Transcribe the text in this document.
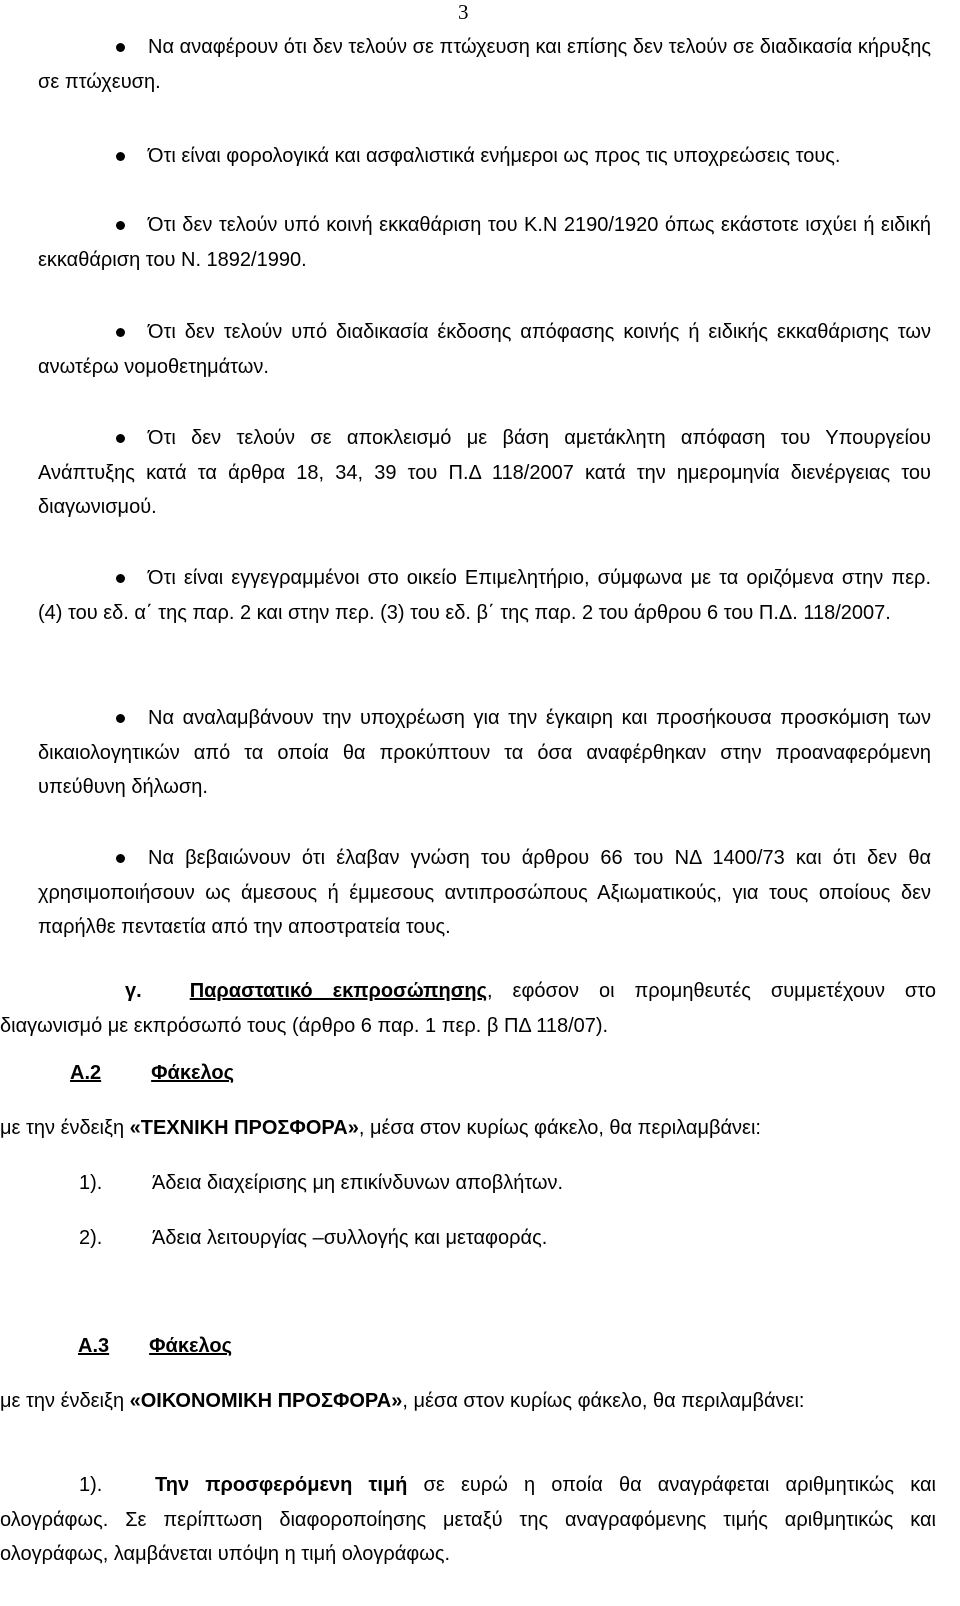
3
Να αναφέρουν ότι δεν τελούν σε πτώχευση και επίσης δεν τελούν σε διαδικασία κήρυξης σε πτώχευση.
Ότι είναι φορολογικά και ασφαλιστικά ενήμεροι ως προς τις υποχρεώσεις τους.
Ότι δεν τελούν υπό κοινή εκκαθάριση του Κ.Ν 2190/1920 όπως εκάστοτε ισχύει ή ειδική εκκαθάριση του Ν. 1892/1990.
Ότι δεν τελούν υπό διαδικασία έκδοσης απόφασης κοινής ή ειδικής εκκαθάρισης των ανωτέρω νομοθετημάτων.
Ότι δεν τελούν σε αποκλεισμό με βάση αμετάκλητη απόφαση του Υπουργείου Ανάπτυξης κατά τα άρθρα 18, 34, 39 του Π.Δ 118/2007 κατά την ημερομηνία διενέργειας του διαγωνισμού.
Ότι είναι εγγεγραμμένοι στο οικείο Επιμελητήριο, σύμφωνα με τα οριζόμενα στην περ. (4) του εδ. α΄ της παρ. 2 και στην περ. (3) του εδ. β΄ της παρ. 2 του άρθρου 6 του Π.Δ. 118/2007.
Να αναλαμβάνουν την υποχρέωση για την έγκαιρη και προσήκουσα προσκόμιση των δικαιολογητικών από τα οποία θα προκύπτουν τα όσα αναφέρθηκαν στην προαναφερόμενη υπεύθυνη δήλωση.
Να βεβαιώνουν ότι έλαβαν γνώση του άρθρου 66 του ΝΔ 1400/73 και ότι δεν θα χρησιμοποιήσουν ως άμεσους ή έμμεσους αντιπροσώπους Αξιωματικούς, για τους οποίους δεν παρήλθε πενταετία από την αποστρατεία τους.
γ. Παραστατικό εκπροσώπησης, εφόσον οι προμηθευτές συμμετέχουν στο διαγωνισμό με εκπρόσωπό τους (άρθρο 6 παρ. 1 περ. β ΠΔ 118/07).
Α.2	Φάκελος
με την ένδειξη «ΤΕΧΝΙΚΗ ΠΡΟΣΦΟΡΑ», μέσα στον κυρίως φάκελο, θα περιλαμβάνει:
1). Άδεια διαχείρισης μη επικίνδυνων αποβλήτων.
2). Άδεια λειτουργίας –συλλογής και μεταφοράς.
Α.3 Φάκελος
με την ένδειξη «ΟΙΚΟΝΟΜΙΚΗ ΠΡΟΣΦΟΡΑ», μέσα στον κυρίως φάκελο, θα περιλαμβάνει:
1).	Την προσφερόμενη τιμή σε ευρώ η οποία θα αναγράφεται αριθμητικώς και ολογράφως. Σε περίπτωση διαφοροποίησης μεταξύ της αναγραφόμενης τιμής αριθμητικώς και ολογράφως, λαμβάνεται υπόψη η τιμή ολογράφως.
